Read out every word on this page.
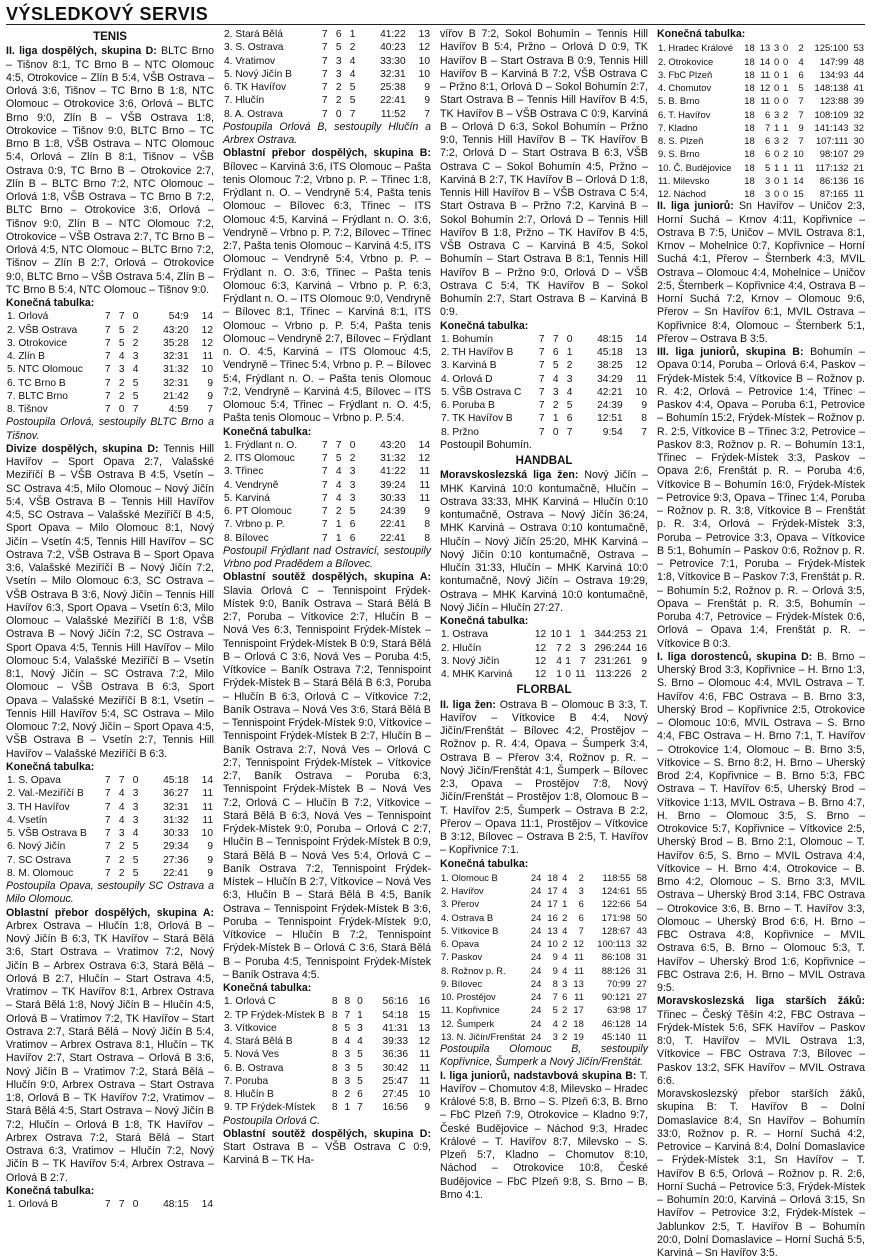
VÝSLEDKOVÝ SERVIS
TENIS

II. liga dospělých, skupina D: BLTC Brno – Tišnov 8:1, TC Brno B – NTC Olomouc 4:5, Otrokovice – Zlín B 5:4, VŠB Ostrava – Orlová 3:6, Tišnov – TC Brno B 1:8, NTC Olomouc – Otrokovice 3:6, Orlová – BLTC Brno 9:0, Zlín B – VŠB Ostrava 1:8, Otrokovice – Tišnov 9:0, BLTC Brno – TC Brno B 1:8, VŠB Ostrava – NTC Olomouc 5:4, Orlová – Zlín B 8:1, Tišnov – VŠB Ostrava 0:9, TC Brno B – Otrokovice 2:7, Zlín B – BLTC Brno 7:2, NTC Olomouc – Orlová 1:8, VŠB Ostrava – TC Brno B 7:2, BLTC Brno – Otrokovice 3:6, Orlová – Tišnov 9:0, Zlín B – NTC Olomouc 7:2, Otrokovice – VŠB Ostrava 2:7, TC Brno B – Orlová 4:5, NTC Olomouc – BLTC Brno 7:2, Tišnov – Zlín B 2:7, Orlová – Otrokovice 9:0, BLTC Brno – VŠB Ostrava 5:4, Zlín B – TC Brno B 5:4, NTC Olomouc – Tišnov 9:0.

Konečná tabulka:

1. Orlová	7	7	0	54:9	14
2. VŠB Ostrava	7	5	2	43:20	12
3. Otrokovice	7	5	2	35:28	12
4. Zlín B	7	4	3	32:31	11
5. NTC Olomouc	7	3	4	31:32	10
6. TC Brno B	7	2	5	32:31	9
7. BLTC Brno	7	2	5	21:42	9
8. Tišnov	7	0	7	4:59	7

Postoupila Orlová, sestoupily BLTC Brno a Tišnov.

Divize dospělých, skupina D: Tennis Hill Havířov – Sport Opava 2:7, Valašské Meziříčí B – VŠB Ostrava B 4:5, Vsetín – SC Ostrava 4:5, Milo Olomouc – Nový Jičín 5:4, VŠB Ostrava B – Tennis Hill Havířov 4:5, SC Ostrava – Valašské Meziříčí B 4:5, Sport Opava – Milo Olomouc 8:1, Nový Jičín – Vsetín 4:5, Tennis Hill Havířov – SC Ostrava 7:2, VŠB Ostrava B – Sport Opava 3:6, Valašské Meziříčí B – Nový Jičín 7:2, Vsetín – Milo Olomouc 6:3, SC Ostrava – VŠB Ostrava B 3:6, Nový Jičín – Tennis Hill Havířov 6:3, Sport Opava – Vsetín 6:3, Milo Olomouc – Valašské Meziříčí B 1:8, VŠB Ostrava B – Nový Jičín 7:2, SC Ostrava – Sport Opava 4:5, Tennis Hill Havířov – Milo Olomouc 5:4, Valašské Meziříčí B – Vsetín 8:1, Nový Jičín – SC Ostrava 7:2, Milo Olomouc – VŠB Ostrava B 6:3, Sport Opava – Valašské Meziříčí B 8:1, Vsetín – Tennis Hill Havířov 5:4, SC Ostrava – Milo Olomouc 7:2, Nový Jičín – Sport Opava 4:5, VŠB Ostrava B – Vsetín 2:7, Tennis Hill Havířov – Valašské Meziříčí B 6:3.

Konečná tabulka:

1. S. Opava	7	7	0	45:18	14
2. Val.-Meziříčí B	7	4	3	36:27	11
3. TH Havířov	7	4	3	32:31	11
4. Vsetín	7	4	3	31:32	11
5. VŠB Ostrava B	7	3	4	30:33	10
6. Nový Jičín	7	2	5	29:34	9
7. SC Ostrava	7	2	5	27:36	9
8. M. Olomouc	7	2	5	22:41	9

Postoupila Opava, sestoupily SC Ostrava a Milo Olomouc.

Oblastní přebor dospělých, skupina A: Arbrex Ostrava – Hlučín 1:8, Orlová B – Nový Jičín B 6:3, TK Havířov – Stará Bělá 3:6, Start Ostrava – Vratimov 7:2, Nový Jičín B – Arbrex Ostrava 6:3, Stará Bělá – Orlová B 2:7, Hlučín – Start Ostrava 4:5, Vratimov – TK Havířov 8:1, Arbrex Ostrava – Stará Bělá 1:8, Nový Jičín B – Hlučín 4:5, Orlová B – Vratimov 7:2, TK Havířov – Start Ostrava 2:7, Stará Bělá – Nový Jičín B 5:4, Vratimov – Arbrex Ostrava 8:1, Hlučín – TK Havířov 2:7, Start Ostrava – Orlová B 3:6, Nový Jičín B – Vratimov 7:2, Stará Bělá – Hlučín 9:0, Arbrex Ostrava – Start Ostrava 1:8, Orlová B – TK Havířov 7:2, Vratimov – Stará Bělá 4:5, Start Ostrava – Nový Jičín B 7:2, Hlučín – Orlová B 1:8, TK Havířov – Arbrex Ostrava 7:2, Stará Bělá – Start Ostrava 6:3, Vratimov – Hlučín 7:2, Nový Jičín B – TK Havířov 5:4, Arbrex Ostrava – Orlová B 2:7.

Konečná tabulka:

1. Orlová B	7	7	0	48:15	14
2. Stará Bělá	7	6	1	41:22	13
3. S. Ostrava	7	5	2	40:23	12
4. Vratimov	7	3	4	33:30	10
5. Nový Jičín B	7	3	4	32:31	10
6. TK Havířov	7	2	5	25:38	9
7. Hlučín	7	2	5	22:41	9
8. A. Ostrava	7	0	7	11:52	7

Postoupila Orlová B, sestoupily Hlučín a Arbrex Ostrava.

Oblastní přebor dospělých, skupina B: Bílovec – Karviná 3:6, ITS Olomouc – Pašta tenis Olomouc 7:2, Vrbno p. P. – Třinec 1:8, Frýdlant n. O. – Vendryně 5:4, Pašta tenis Olomouc – Bílovec 6:3, Třinec – ITS Olomouc 4:5, Karviná – Frýdlant n. O. 3:6, Vendryně – Vrbno p. P. 7:2, Bílovec – Třinec 2:7, Pašta tenis Olomouc – Karviná 4:5, ITS Olomouc – Vendryně 5:4, Vrbno p. P. – Frýdlant n. O. 3:6, Třinec – Pašta tenis Olomouc 6:3, Karviná – Vrbno p. P. 6:3, Frýdlant n. O. – ITS Olomouc 9:0, Vendryně – Bílovec 8:1, Třinec – Karviná 8:1, ITS Olomouc – Vrbno p. P. 5:4, Pašta tenis Olomouc – Vendryně 2:7, Bílovec – Frýdlant n. O. 4:5, Karviná – ITS Olomouc 4:5, Vendryně – Třinec 5:4, Vrbno p. P. – Bílovec 5:4, Frýdlant n. O. – Pašta tenis Olomouc 7:2, Vendryně – Karviná 4:5, Bílovec – ITS Olomouc 5:4, Třinec – Frýdlant n. O. 4:5, Pašta tenis Olomouc – Vrbno p. P. 5:4.

Konečná tabulka:

1. Frýdlant n. O.	7	7	0	43:20	14
2. ITS Olomouc	7	5	2	31:32	12
3. Třinec	7	4	3	41:22	11
4. Vendryně	7	4	3	39:24	11
5. Karviná	7	4	3	30:33	11
6. PT Olomouc	7	2	5	24:39	9
7. Vrbno p. P.	7	1	6	22:41	8
8. Bílovec	7	1	6	22:41	8

Postoupil Frýdlant nad Ostravicí, sestoupily Vrbno pod Pradědem a Bílovec.

Oblastní soutěž dospělých, skupina A: Slavia Orlová C – Tennispoint Frýdek-Místek 9:0, Baník Ostrava – Stará Bělá B 2:7, Poruba – Vítkovice 2:7, Hlučín B – Nová Ves 6:3, Tennispoint Frýdek-Místek – Tennispoint Frýdek-Místek B 0:9, Stará Bělá B – Orlová C 3:6, Nová Ves – Poruba 4:5, Vítkovice – Baník Ostrava 7:2, Tennispoint Frýdek-Místek B – Stará Bělá B 6:3, Poruba – Hlučín B 6:3, Orlová C – Vítkovice 7:2, Baník Ostrava – Nová Ves 3:6, Stará Bělá B – Tennispoint Frýdek-Místek 9:0, Vítkovice – Tennispoint Frýdek-Místek B 2:7, Hlučín B – Baník Ostrava 2:7, Nová Ves – Orlová C 2:7, Tennispoint Frýdek-Místek – Vítkovice 2:7, Baník Ostrava – Poruba 6:3, Tennispoint Frýdek-Místek B – Nová Ves 7:2, Orlová C – Hlučín B 7:2, Vítkovice – Stará Bělá B 6:3, Nová Ves – Tennispoint Frýdek-Místek 9:0, Poruba – Orlová C 2:7, Hlučín B – Tennispoint Frýdek-Místek B 0:9, Stará Bělá B – Nová Ves 5:4, Orlová C – Baník Ostrava 7:2, Tennispoint Frýdek-Místek – Hlučín B 2:7, Vítkovice – Nová Ves 6:3, Hlučín B – Stará Bělá B 4:5, Baník Ostrava – Tennispoint Frýdek-Místek B 3:6, Poruba – Tennispoint Frýdek-Místek 9:0, Vítkovice – Hlučín B 7:2, Tennispoint Frýdek-Místek B – Orlová C 3:6, Stará Bělá B – Poruba 4:5, Tennispoint Frýdek-Místek – Baník Ostrava 4:5.

Konečná tabulka:

1. Orlová C	8	8	0	56:16	16
2. TP Frýdek-Místek B	8	7	1	54:18	15
3. Vítkovice	8	5	3	41:31	13
4. Stará Bělá B	8	4	4	39:33	12
5. Nová Ves	8	3	5	36:36	11
6. B. Ostrava	8	3	5	30:42	11
7. Poruba	8	3	5	25:47	11
8. Hlučín B	8	2	6	27:45	10
9. TP Frýdek-Místek	8	1	7	16:56	9

Postoupila Orlová C.

Oblastní soutěž dospělých, skupina D: Start Ostrava B – VŠB Ostrava C 0:9, Karviná B – TK Ha-

vířov B 7:2, Sokol Bohumín – Tennis Hill Havířov B 5:4, Pržno – Orlová D 0:9, TK Havířov B – Start Ostrava B 0:9, Tennis Hill Havířov B – Karviná B 7:2, VŠB Ostrava C – Pržno 8:1, Orlová D – Sokol Bohumín 2:7, Start Ostrava B – Tennis Hill Havířov B 4:5, TK Havířov B – VŠB Ostrava C 0:9, Karviná B – Orlová D 6:3, Sokol Bohumín – Pržno 9:0, Tennis Hill Havířov B – TK Havířov B 7:2, Orlová D – Start Ostrava B 6:3, VŠB Ostrava C – Sokol Bohumín 4:5, Pržno – Karviná B 2:7, TK Havířov B – Orlová D 1:8, Tennis Hill Havířov B – VŠB Ostrava C 5:4, Start Ostrava B – Pržno 7:2, Karviná B – Sokol Bohumín 2:7, Orlová D – Tennis Hill Havířov B 1:8, Pržno – TK Havířov B 4:5, VŠB Ostrava C – Karviná B 4:5, Sokol Bohumín – Start Ostrava B 8:1, Tennis Hill Havířov B – Pržno 9:0, Orlová D – VŠB Ostrava C 5:4, TK Havířov B – Sokol Bohumín 2:7, Start Ostrava B – Karviná B 0:9.

Konečná tabulka:

1. Bohumín	7	7	0	48:15	14
2. TH Havířov B	7	6	1	45:18	13
3. Karviná B	7	5	2	38:25	12
4. Orlová D	7	4	3	34:29	11
5. VŠB Ostrava C	7	3	4	42:21	10
6. Poruba B	7	2	5	24:39	9
7. TK Havířov B	7	1	6	12:51	8
8. Pržno	7	0	7	9:54	7

Postoupil Bohumín.

HANDBAL

Moravskoslezská liga žen: Nový Jičín – MHK Karviná 10:0 kontumačně, Hlučín – Ostrava 33:33, MHK Karviná – Hlučín 0:10 kontumačně, Ostrava – Nový Jičín 36:24, MHK Karviná – Ostrava 0:10 kontumačně, Hlučín – Nový Jičín 25:20, MHK Karviná – Nový Jičín 0:10 kontumačně, Ostrava – Hlučín 31:33, Hlučín – MHK Karviná 10:0 kontumačně, Nový Jičín – Ostrava 19:29, Ostrava – MHK Karviná 10:0 kontumačně, Nový Jičín – Hlučín 27:27.

Konečná tabulka:

1. Ostrava	12	10	1	1	344:253	21
2. Hlučín	12	7	2	3	296:244	16
3. Nový Jičín	12	4	1	7	231:261	9
4. MHK Karviná	12	1	0	11	113:226	2
FLORBAL

II. liga žen: Ostrava B – Olomouc B 3:3, T. Havířov – Vítkovice B 4:4, Nový Jičín/Frenštát – Bílovec 4:2, Prostějov – Rožnov p. R. 4:4, Opava – Šumperk 3:4, Ostrava B – Přerov 3:4, Rožnov p. R. – Nový Jičín/Frenštát 4:1, Šumperk – Bílovec 2:3, Opava – Prostějov 7:8, Nový Jičín/Frenštát – Prostějov 1:8, Olomouc B – T. Havířov 2:5, Šumperk – Ostrava B 2:2, Přerov – Opava 11:1, Prostějov – Vítkovice B 3:12, Bílovec – Ostrava B 2:5, T. Havířov – Kopřivnice 7:1.

Konečná tabulka:

1. Olomouc B	24	18	4	2	118:55	58
2. Havířov	24	17	4	3	124:61	55
3. Přerov	24	17	1	6	122:66	54
4. Ostrava B	24	16	2	6	171:98	50
5. Vítkovice B	24	13	4	7	128:67	43
6. Opava	24	10	2	12	100:113	32
7. Paskov	24	9	4	11	86:108	31
8. Rožnov p. R.	24	9	4	11	88:126	31
9. Bílovec	24	8	3	13	70:99	27
10. Prostějov	24	7	6	11	90:121	27
11. Kopřivnice	24	5	2	17	63:98	17
12. Šumperk	24	4	2	18	46:128	14
13. N. Jičín/Frenštát	24	3	2	19	45:140	11

Postoupila Olomouc B, sestoupily Kopřivnice, Šumperk a Nový Jičín/Frenštát.

I. liga juniorů, nadstavbová skupina B: T. Havířov – Chomutov 4:8, Milevsko – Hradec Králové 5:8, B. Brno – S. Plzeň 6:3, B. Brno – FbC Plzeň 7:9, Otrokovice – Kladno 9:7, České Budějovice – Náchod 9:3, Hradec Králové – T. Havířov 8:7, Milevsko – S. Plzeň 5:7, Kladno – Chomutov 8:10, Náchod – Otrokovice 10:8, České Budějovice – FbC Plzeň 9:8, S. Brno – B. Brno 4:1.

Konečná tabulka:

1. Hradec Králové	18	13	3	0	2	125:100	53
2. Otrokovice	18	14	0	0	4	147:99	48
3. FbC Plzeň	18	11	0	1	6	134:93	44
4. Chomutov	18	12	0	1	5	148:138	41
5. B. Brno	18	11	0	0	7	123:88	39
6. T. Havířov	18	6	3	2	7	108:109	32
7. Kladno	18	7	1	1	9	141:143	32
8. S. Plzeň	18	6	3	2	7	107:111	30
9. S. Brno	18	6	0	2	10	98:107	29
10. Č. Budějovice	18	5	1	1	11	117:132	21
11. Milevsko	18	3	0	1	14	86:136	16
12. Náchod	18	3	0	0	15	87:165	11

II. liga juniorů: Sn Havířov – Uničov 2:3, Horní Suchá – Krnov 4:11, Kopřivnice – Ostrava B 7:5, Uničov – MVIL Ostrava 8:1, Krnov – Mohelnice 0:7, Kopřivnice – Horní Suchá 4:1, Přerov – Šternberk 4:3, MVIL Ostrava – Olomouc 4:4, Mohelnice – Uničov 2:5, Šternberk – Kopřivnice 4:4, Ostrava B – Horní Suchá 7:2, Krnov – Olomouc 9:6, Přerov – Sn Havířov 6:1, MVIL Ostrava – Kopřivnice 8:4, Olomouc – Šternberk 5:1, Přerov – Ostrava B 3:5.

III. liga juniorů, skupina B: Bohumín – Opava 0:14, Poruba – Orlová 6:4, Paskov – Frýdek-Místek 5:4, Vítkovice B – Rožnov p. R. 4:2, Orlová – Petrovice 1:4, Třinec – Paskov 4:4, Opava – Poruba 6:1, Petrovice – Bohumín 15:2, Frýdek-Místek – Rožnov p. R. 2:5, Vítkovice B – Třinec 3:2, Petrovice – Paskov 8:3, Rožnov p. R. – Bohumín 13:1, Třinec – Frýdek-Místek 3:3, Paskov – Opava 2:6, Frenštát p. R. – Poruba 4:6, Vítkovice B – Bohumín 16:0, Frýdek-Místek – Petrovice 9:3, Opava – Třinec 1:4, Poruba – Rožnov p. R. 3:8, Vítkovice B – Frenštát p. R. 3:4, Orlová – Frýdek-Místek 3:3, Poruba – Petrovice 3:3, Opava – Vítkovice B 5:1, Bohumín – Paskov 0:6, Rožnov p. R. – Petrovice 7:1, Poruba – Frýdek-Místek 1:8, Vítkovice B – Paskov 7:3, Frenštát p. R. – Bohumín 5:2, Rožnov p. R. – Orlová 3:5, Opava – Frenštát p. R. 3:5, Bohumín – Poruba 4:7, Petrovice – Frýdek-Místek 0:6, Orlová – Opava 1:4, Frenštát p. R. – Vítkovice B 0:3.

I. liga dorostenců, skupina D: B. Brno – Uherský Brod 3:3, Kopřivnice – H. Brno 1:3, S. Brno – Olomouc 4:4, MVIL Ostrava – T. Havířov 4:6, FBC Ostrava – B. Brno 3:3, Uherský Brod – Kopřivnice 2:5, Otrokovice – Olomouc 10:6, MVIL Ostrava – S. Brno 4:4, FBC Ostrava – H. Brno 7:1, T. Havířov – Otrokovice 1:4, Olomouc – B. Brno 3:5, Vítkovice – S. Brno 8:2, H. Brno – Uherský Brod 2:4, Kopřivnice – B. Brno 5:3, FBC Ostrava – T. Havířov 6:5, Uherský Brod – Vítkovice 1:13, MVIL Ostrava – B. Brno 4:7, H. Brno – Olomouc 3:5, S. Brno – Otrokovice 5:7, Kopřivnice – Vítkovice 2:5, Uherský Brod – B. Brno 2:1, Olomouc – T. Havířov 6:5, S. Brno – MVIL Ostrava 4:4, Vítkovice – H. Brno 4:4, Otrokovice – B. Brno 4:2, Olomouc – S. Brno 3:3, MVIL Ostrava – Uherský Brod 3:14, FBC Ostrava – Otrokovice 3:6, B. Brno – T. Havířov 3:3, Olomouc – Uherský Brod 6:6, H. Brno – FBC Ostrava 4:8, Kopřivnice – MVIL Ostrava 6:5, B. Brno – Olomouc 5:3, T. Havířov – Uherský Brod 1:6, Kopřivnice – FBC Ostrava 2:6, H. Brno – MVIL Ostrava 9:5.

Moravskoslezská liga starších žáků: Třinec – Český Těšín 4:2, FBC Ostrava – Frýdek-Místek 5:6, SFK Havířov – Paskov 8:0, T. Havířov – MVIL Ostrava 1:3, Vítkovice – FBC Ostrava 7:3, Bílovec – Paskov 13:2, SFK Havířov – MVIL Ostrava 6:6.

Moravskoslezský přebor starších žáků, skupina B: T. Havířov B – Dolní Domaslavice 8:4, Sn Havířov – Bohumín 33:0, Rožnov p. R. – Horní Suchá 4:2, Petrovice – Karviná 8:4, Dolní Domaslavice – Frýdek-Místek 3:1, Sn Havířov – T. Havířov B 6:5, Orlová – Rožnov p. R. 2:6, Horní Suchá – Petrovice 5:3, Frýdek-Místek – Bohumín 20:0, Karviná – Orlová 3:15, Sn Havířov – Petrovice 3:2, Frýdek-Místek – Jablunkov 2:5, T. Havířov B – Bohumín 20:0, Dolní Domaslavice – Horní Suchá 5:5, Karviná – Sn Havířov 3:5.
